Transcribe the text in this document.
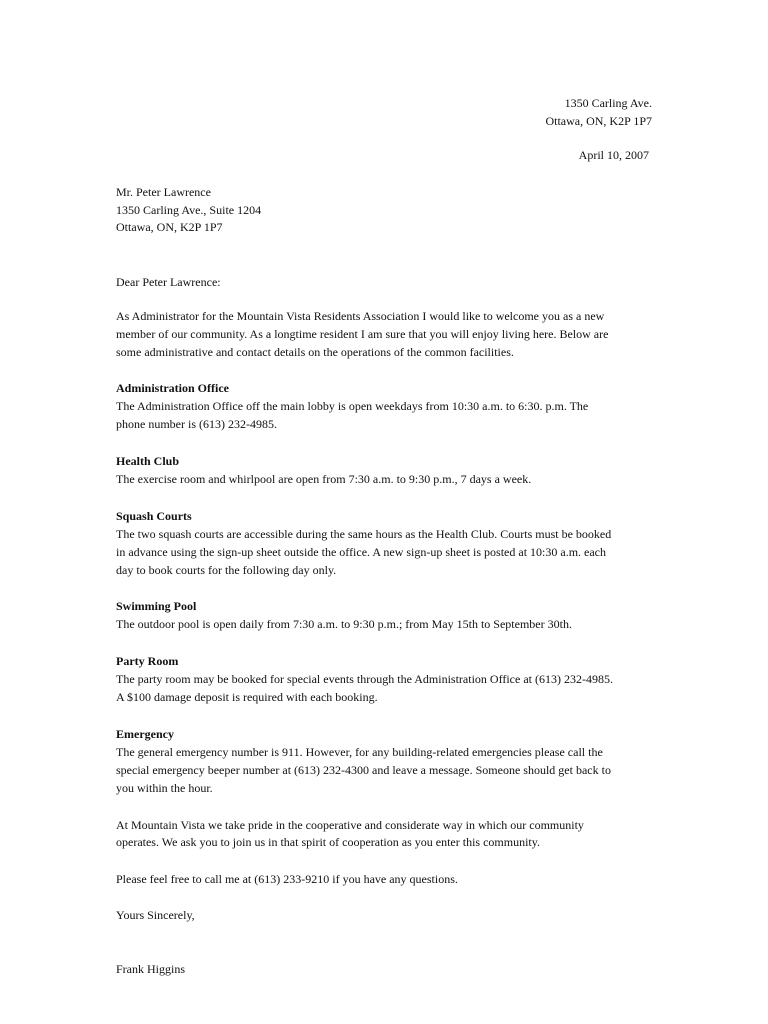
1350 Carling Ave.
Ottawa, ON, K2P 1P7
April 10, 2007
Mr. Peter Lawrence
1350 Carling Ave., Suite 1204
Ottawa, ON, K2P 1P7
Dear Peter Lawrence:
As Administrator for the Mountain Vista Residents Association I would like to welcome you as a new
member of our community. As a longtime resident I am sure that you will enjoy living here. Below are
some administrative and contact details on the operations of the common facilities.
Administration Office
The Administration Office off the main lobby is open weekdays from 10:30 a.m. to 6:30. p.m. The
phone number is (613) 232-4985.
Health Club
The exercise room and whirlpool are open from 7:30 a.m. to 9:30 p.m., 7 days a week.
Squash Courts
The two squash courts are accessible during the same hours as the Health Club. Courts must be booked
in advance using the sign-up sheet outside the office. A new sign-up sheet is posted at 10:30 a.m. each
day to book courts for the following day only.
Swimming Pool
The outdoor pool is open daily from 7:30 a.m. to 9:30 p.m.; from May 15th to September 30th.
Party Room
The party room may be booked for special events through the Administration Office at (613) 232-4985.
A $100 damage deposit is required with each booking.
Emergency
The general emergency number is 911. However, for any building-related emergencies please call the
special emergency beeper number at (613) 232-4300 and leave a message. Someone should get back to
you within the hour.
At Mountain Vista we take pride in the cooperative and considerate way in which our community
operates. We ask you to join us in that spirit of cooperation as you enter this community.
Please feel free to call me at (613) 233-9210 if you have any questions.
Yours Sincerely,
Frank Higgins
